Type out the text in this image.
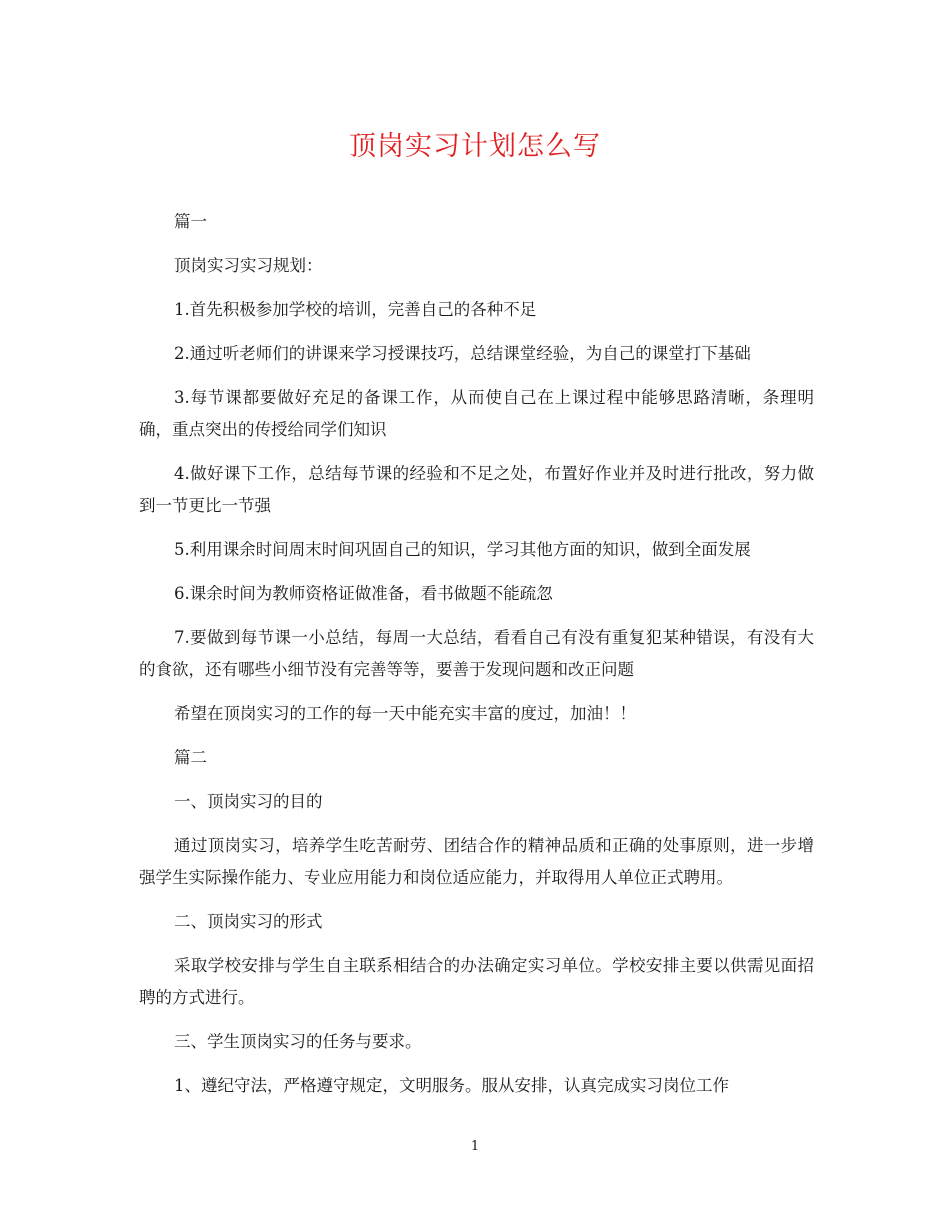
顶岗实习计划怎么写

篇一

顶岗实习实习规划：

1.首先积极参加学校的培训，完善自己的各种不足

2.通过听老师们的讲课来学习授课技巧，总结课堂经验，为自己的课堂打下基础

3.每节课都要做好充足的备课工作，从而使自己在上课过程中能够思路清晰，条理明确，重点突出的传授给同学们知识

4.做好课下工作，总结每节课的经验和不足之处，布置好作业并及时进行批改，努力做到一节更比一节强

5.利用课余时间周末时间巩固自己的知识，学习其他方面的知识，做到全面发展

6.课余时间为教师资格证做准备，看书做题不能疏忽

7.要做到每节课一小总结，每周一大总结，看看自己有没有重复犯某种错误，有没有大的食欲，还有哪些小细节没有完善等等，要善于发现问题和改正问题

希望在顶岗实习的工作的每一天中能充实丰富的度过，加油！！

篇二

一、顶岗实习的目的

通过顶岗实习，培养学生吃苦耐劳、团结合作的精神品质和正确的处事原则，进一步增强学生实际操作能力、专业应用能力和岗位适应能力，并取得用人单位正式聘用。

二、顶岗实习的形式

采取学校安排与学生自主联系相结合的办法确定实习单位。学校安排主要以供需见面招聘的方式进行。

三、学生顶岗实习的任务与要求。

1、遵纪守法，严格遵守规定，文明服务。服从安排，认真完成实习岗位工作

1
